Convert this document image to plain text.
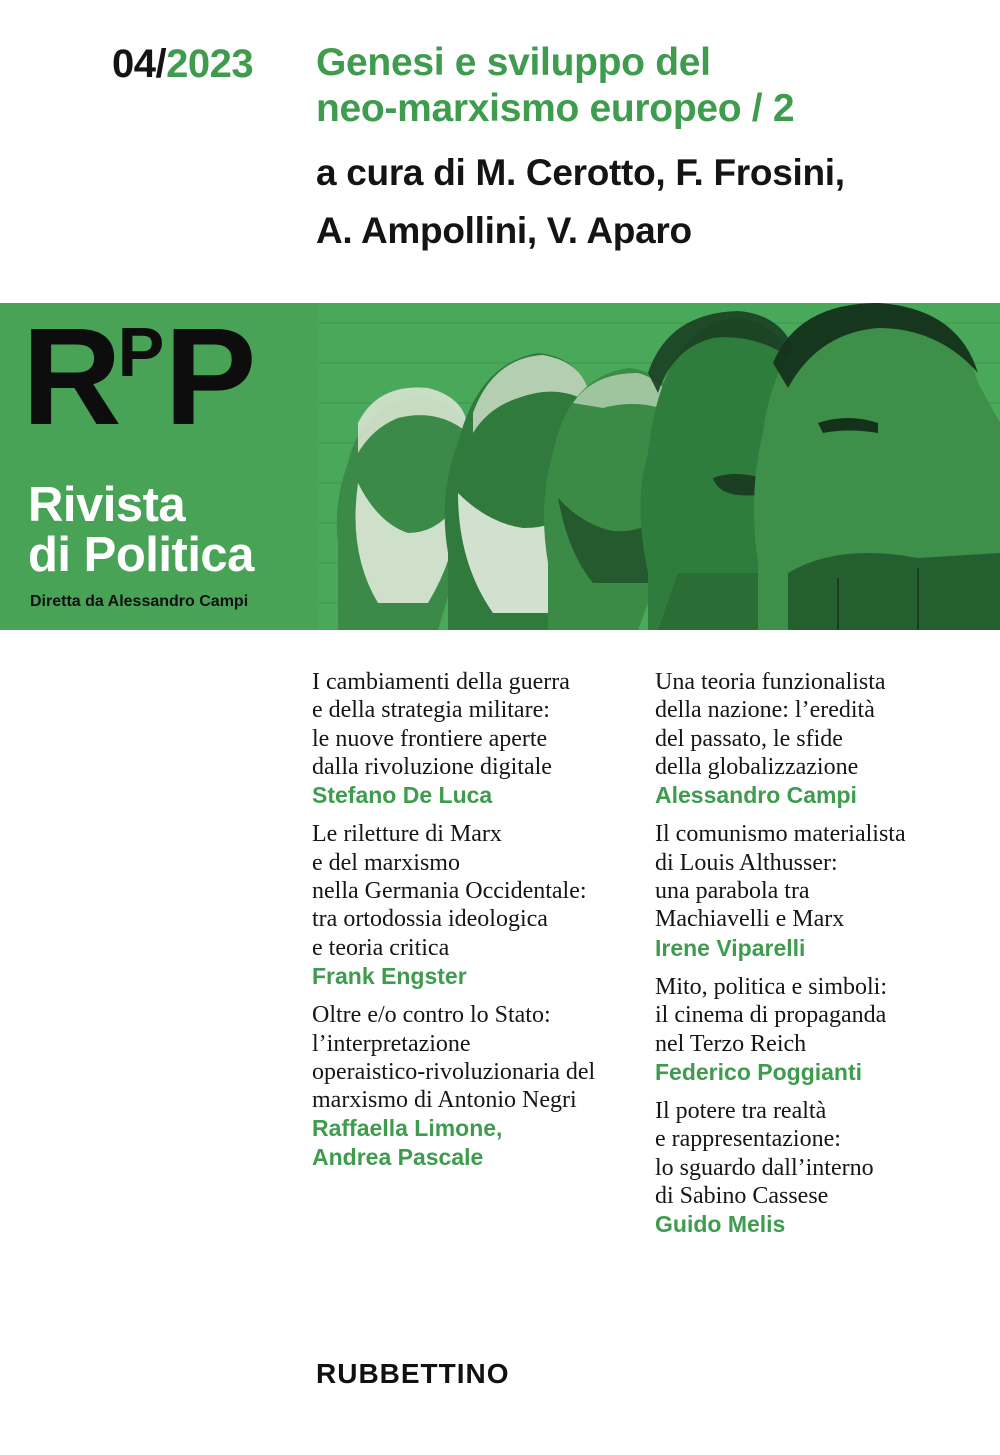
04/2023 Genesi e sviluppo del
neo-marxismo europeo / 2
a cura di M. Cerotto, F. Frosini,
A. Ampollini, V. Aparo
RPP
Rivista
di Politica
Diretta da Alessandro Campi
I cambiamenti della guerra
e della strategia militare:
le nuove frontiere aperte
dalla rivoluzione digitale
Stefano De Luca
Le riletture di Marx
e del marxismo
nella Germania Occidentale:
tra ortodossia ideologica
e teoria critica
Frank Engster
Oltre e/o contro lo Stato:
l’interpretazione
operaistico-rivoluzionaria del
marxismo di Antonio Negri
Raffaella Limone,
Andrea Pascale
Una teoria funzionalista
della nazione: l’eredità
del passato, le sfide
della globalizzazione
Alessandro Campi
Il comunismo materialista
di Louis Althusser:
una parabola tra
Machiavelli e Marx
Irene Viparelli
Mito, politica e simboli:
il cinema di propaganda
nel Terzo Reich
Federico Poggianti
Il potere tra realtà
e rappresentazione:
lo sguardo dall’interno
di Sabino Cassese
Guido Melis
RUBBETTINO
